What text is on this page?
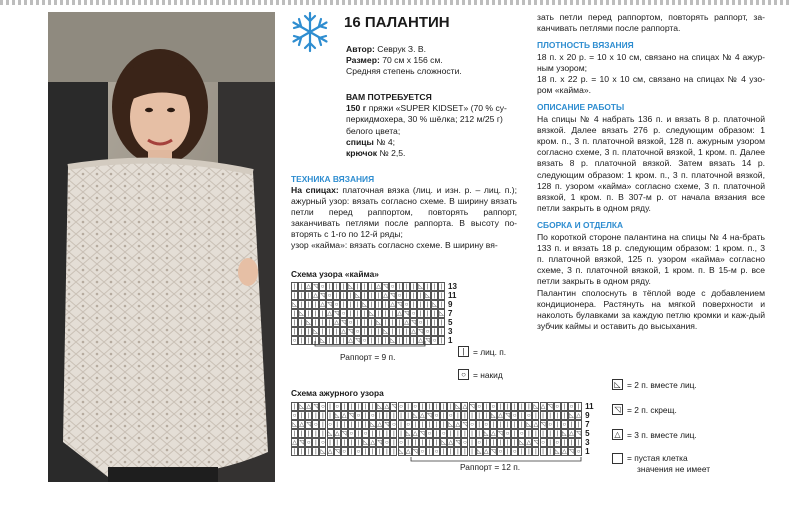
16 ПАЛАНТИН

Автор: Севрук З. В.

Размер: 70 см х 156 см.

Средняя степень сложности.

ВАМ ПОТРЕБУЕТСЯ

150 г пряжи «SUPER KIDSET» (70 % су-перкидмохера, 30 % шёлка; 212 м/25 г) белого цвета;

спицы № 4;

крючок № 2,5.

ТЕХНИКА ВЯЗАНИЯ

На спицах: платочная вязка (лиц. и изн. р. – лиц. п.); ажурный узор: вязать согласно схеме. В ширину вязать петли перед раппортом, повторять раппорт, заканчивать петлями после раппорта. В высоту по-вторять с 1-го по 12-й ряды;

узор «кайма»: вязать согласно схеме. В ширину вя-

Схема узора «кайма»
| | △ ◹ ○ | | | ◺ | | | △ ◹ ○ | | | ◺ | | |
| | | △ ◹ ○ | | | ◺ | | | △ ◹ ○ | | | ◺ | |
◺ | | | △ ◹ ○ | | | ◺ | | | △ ◹ ○ | | | ◺ |
| ◺ | | | △ ◹ ○ | | | ◺ | | | △ ◹ ○ | | | ◺
| | ◺ | | | △ ◹ ○ | | | ◺ | | | △ ◹ ○ | | |
| | | ◺ | | | △ ◹ ○ | | | ◺ | | | △ ◹ ○ | |
○ | | | ◺ | | | △ ◹ ○ | | | ◺ | | | △ ◹ ○ |
13
11
9
7
5
3
1
Раппорт = 9 п.
|	= лиц. п.
○ = накид
Схема ажурного узора
| ◺ △ ◹ ○ | ○ | | | | | ◺ △ ◹ ○ | ○ | | | | | ◺ △ ◹ ○ | ○ | | | | | ◺ △ ◹ ○ | ○ |
○ | | | | | ◺ △ ◹ ○ | ○ | | | | | ◺ △ ◹ ○ | ○ | | | | | ◺ △ ◹ ○ | ○ | | | | | ◺ △
◺ △ ◹ ○ | ○ | | | | | ◺ △ ◹ ○ | ○ | | | | | ◺ △ ◹ ○ | ○ | | | | | ◺ △ ◹ ○ | ○ | |
| | | | | ◺ △ ◹ ○ | ○ | | | | | ◺ △ ◹ ○ | ○ | | | | | ◺ △ ◹ ○ | ○ | | | | | ◺ △ ◹
△ ◹ ○ | ○ | | | | | ◺ △ ◹ ○ | ○ | | | | | ◺ △ ◹ ○ | ○ | | | | | ◺ △ ◹ ○ | ○ | | |
| | | | ◺ △ ◹ ○ | ○ | | | | | ◺ △ ◹ ○ | ○ | | | | | ◺ △ ◹ ○ | ○ | | | | | ◺ △ ◹ ○
11
9
7
5
3
1
Раппорт = 12 п.
◺ = 2 п. вместе лиц.
◹ = 2 п. скрещ.
△ = 3 п. вместе лиц.
= пустая клетка
значения не имеет

зать петли перед раппортом, повторять раппорт, за-канчивать петлями после раппорта.

ПЛОТНОСТЬ ВЯЗАНИЯ

18 п. х 20 р. = 10 х 10 см, связано на спицах № 4 ажур-ным узором;

18 п. х 22 р. = 10 х 10 см, связано на спицах № 4 узо-ром «кайма».

ОПИСАНИЕ РАБОТЫ

На спицы № 4 набрать 136 п. и вязать 8 р. платочной вязкой. Далее вязать 276 р. следующим образом: 1 кром. п., 3 п. платочной вязкой, 128 п. ажурным узором согласно схеме, 3 п. платочной вязкой, 1 кром. п. Далее вязать 8 р. платочной вязкой. Затем вязать 14 р. следующим образом: 1 кром. п., 3 п. платочной вязкой, 128 п. узором «кайма» согласно схеме, 3 п. платочной вязкой, 1 кром. п. В 307-м р. от начала вязания все петли закрыть в одном ряду.

СБОРКА И ОТДЕЛКА

По короткой стороне палантина на спицы № 4 на-брать 133 п. и вязать 18 р. следующим образом: 1 кром. п., 3 п. платочной вязкой, 125 п. узором «кайма» согласно схеме, 3 п. платочной вязкой, 1 кром. п. В 15-м р. все петли закрыть в одном ряду.

Палантин сполоснуть в тёплой воде с добавлением кондиционера. Растянуть на мягкой поверхности и наколоть булавками за каждую петлю кромки и каж-дый зубчик каймы и оставить до высыхания.
